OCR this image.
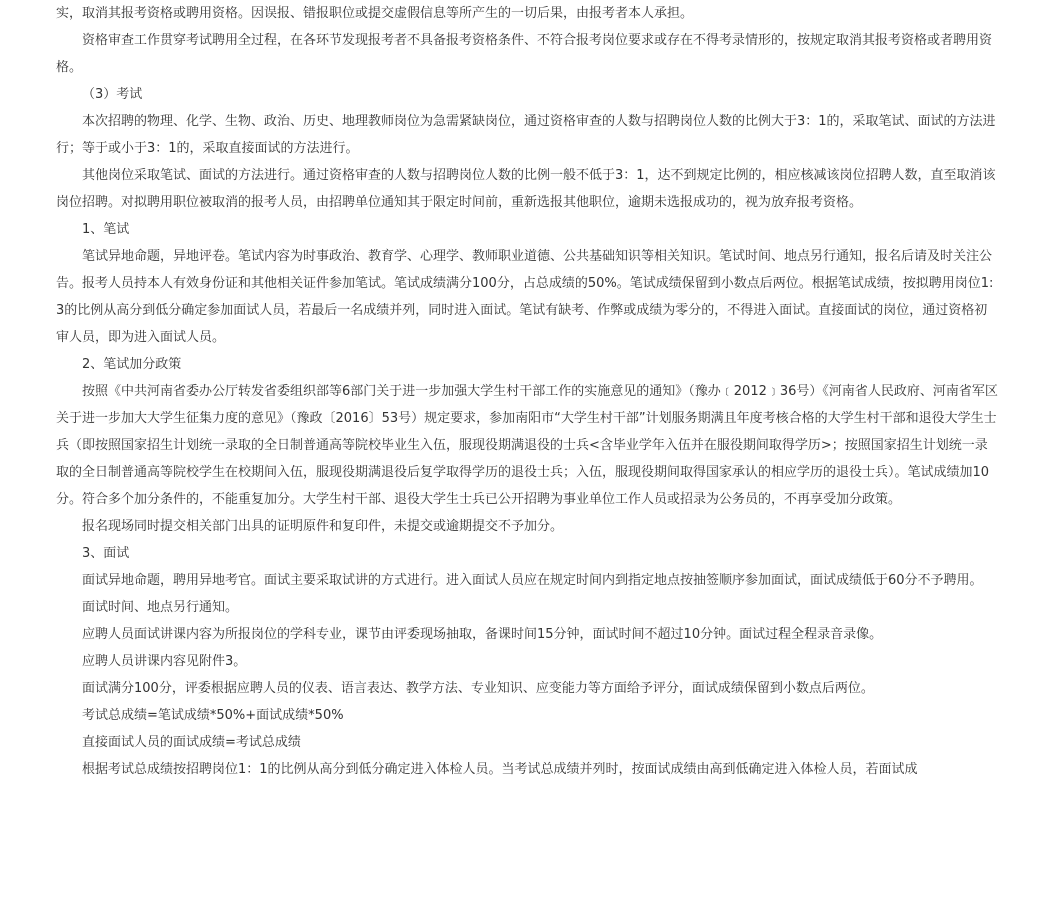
实，取消其报考资格或聘用资格。因误报、错报职位或提交虚假信息等所产生的一切后果，由报考者本人承担。

资格审查工作贯穿考试聘用全过程，在各环节发现报考者不具备报考资格条件、不符合报考岗位要求或存在不得考录情形的，按规定取消其报考资格或者聘用资格。

（3）考试

本次招聘的物理、化学、生物、政治、历史、地理教师岗位为急需紧缺岗位，通过资格审查的人数与招聘岗位人数的比例大于3：1的，采取笔试、面试的方法进行；等于或小于3：1的，采取直接面试的方法进行。

其他岗位采取笔试、面试的方法进行。通过资格审查的人数与招聘岗位人数的比例一般不低于3：1，达不到规定比例的，相应核减该岗位招聘人数，直至取消该岗位招聘。对拟聘用职位被取消的报考人员，由招聘单位通知其于限定时间前，重新选报其他职位，逾期未选报成功的，视为放弃报考资格。

1、笔试

笔试异地命题，异地评卷。笔试内容为时事政治、教育学、心理学、教师职业道德、公共基础知识等相关知识。笔试时间、地点另行通知，报名后请及时关注公告。报考人员持本人有效身份证和其他相关证件参加笔试。笔试成绩满分100分，占总成绩的50%。笔试成绩保留到小数点后两位。根据笔试成绩，按拟聘用岗位1:3的比例从高分到低分确定参加面试人员，若最后一名成绩并列，同时进入面试。笔试有缺考、作弊或成绩为零分的，不得进入面试。直接面试的岗位，通过资格初审人员，即为进入面试人员。

2、笔试加分政策

按照《中共河南省委办公厅转发省委组织部等6部门关于进一步加强大学生村干部工作的实施意见的通知》（豫办﹝2012﹞36号）《河南省人民政府、河南省军区关于进一步加大大学生征集力度的意见》（豫政〔2016〕53号）规定要求，参加南阳市“大学生村干部”计划服务期满且年度考核合格的大学生村干部和退役大学生士兵（即按照国家招生计划统一录取的全日制普通高等院校毕业生入伍，服现役期满退役的士兵<含毕业学年入伍并在服役期间取得学历>；按照国家招生计划统一录取的全日制普通高等院校学生在校期间入伍，服现役期满退役后复学取得学历的退役士兵；入伍，服现役期间取得国家承认的相应学历的退役士兵）。笔试成绩加10分。符合多个加分条件的，不能重复加分。大学生村干部、退役大学生士兵已公开招聘为事业单位工作人员或招录为公务员的，不再享受加分政策。

报名现场同时提交相关部门出具的证明原件和复印件，未提交或逾期提交不予加分。

3、面试

面试异地命题，聘用异地考官。面试主要采取试讲的方式进行。进入面试人员应在规定时间内到指定地点按抽签顺序参加面试，面试成绩低于60分不予聘用。

面试时间、地点另行通知。

应聘人员面试讲课内容为所报岗位的学科专业，课节由评委现场抽取，备课时间15分钟，面试时间不超过10分钟。面试过程全程录音录像。

应聘人员讲课内容见附件3。

面试满分100分，评委根据应聘人员的仪表、语言表达、教学方法、专业知识、应变能力等方面给予评分，面试成绩保留到小数点后两位。

考试总成绩=笔试成绩*50%+面试成绩*50%

直接面试人员的面试成绩=考试总成绩

根据考试总成绩按招聘岗位1：1的比例从高分到低分确定进入体检人员。当考试总成绩并列时，按面试成绩由高到低确定进入体检人员，若面试成
